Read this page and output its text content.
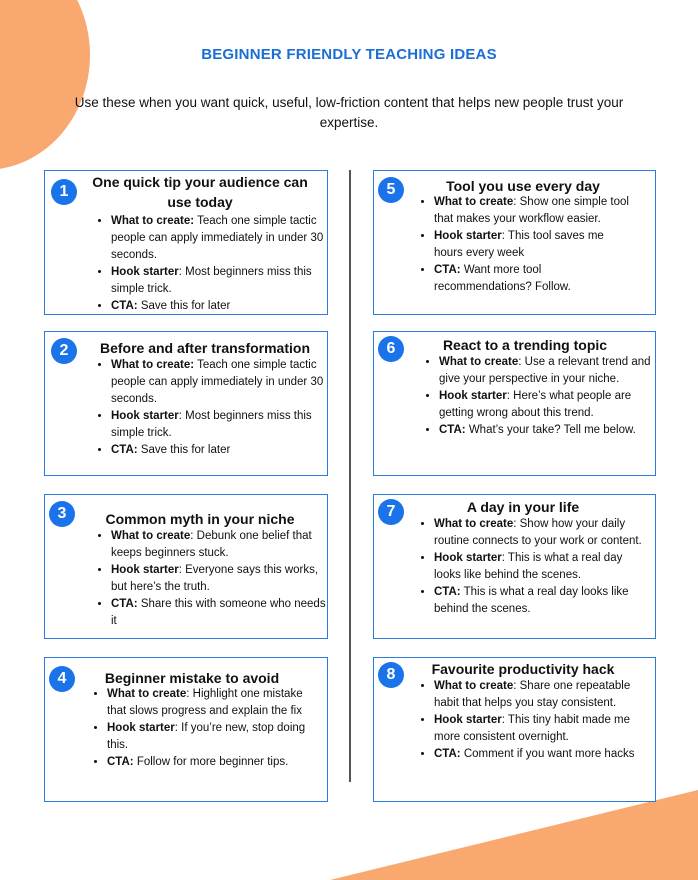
BEGINNER FRIENDLY TEACHING IDEAS
Use these when you want quick, useful, low-friction content that helps new people trust your expertise.
1
One quick tip your audience can use today
• What to create: Teach one simple tactic people can apply immediately in under 30 seconds.
• Hook starter: Most beginners miss this simple trick.
• CTA: Save this for later
2	Before and after transformation
• What to create: Teach one simple tactic people can apply immediately in under 30 seconds.
• Hook starter: Most beginners miss this simple trick.
• CTA: Save this for later
3	Common myth in your niche
• What to create: Debunk one belief that keeps beginners stuck.
• Hook starter: Everyone says this works, but here’s the truth.
• CTA: Share this with someone who needs it
4	Beginner mistake to avoid
• What to create: Highlight one mistake that slows progress and explain the fix
• Hook starter: If you’re new, stop doing this.
• CTA: Follow for more beginner tips.
5	Tool you use every day
• What to create: Show one simple tool that makes your workflow easier.
• Hook starter: This tool saves me hours every week
• CTA: Want more tool recommendations? Follow.
6	React to a trending topic
• What to create: Use a relevant trend and give your perspective in your niche.
• Hook starter: Here’s what people are getting wrong about this trend.
• CTA: What’s your take? Tell me below.
7	A day in your life
• What to create: Show how your daily routine connects to your work or content.
• Hook starter: This is what a real day looks like behind the scenes.
• CTA: This is what a real day looks like behind the scenes.
8	Favourite productivity hack
• What to create: Share one repeatable habit that helps you stay consistent.
• Hook starter: This tiny habit made me more consistent overnight.
• CTA: Comment if you want more hacks
